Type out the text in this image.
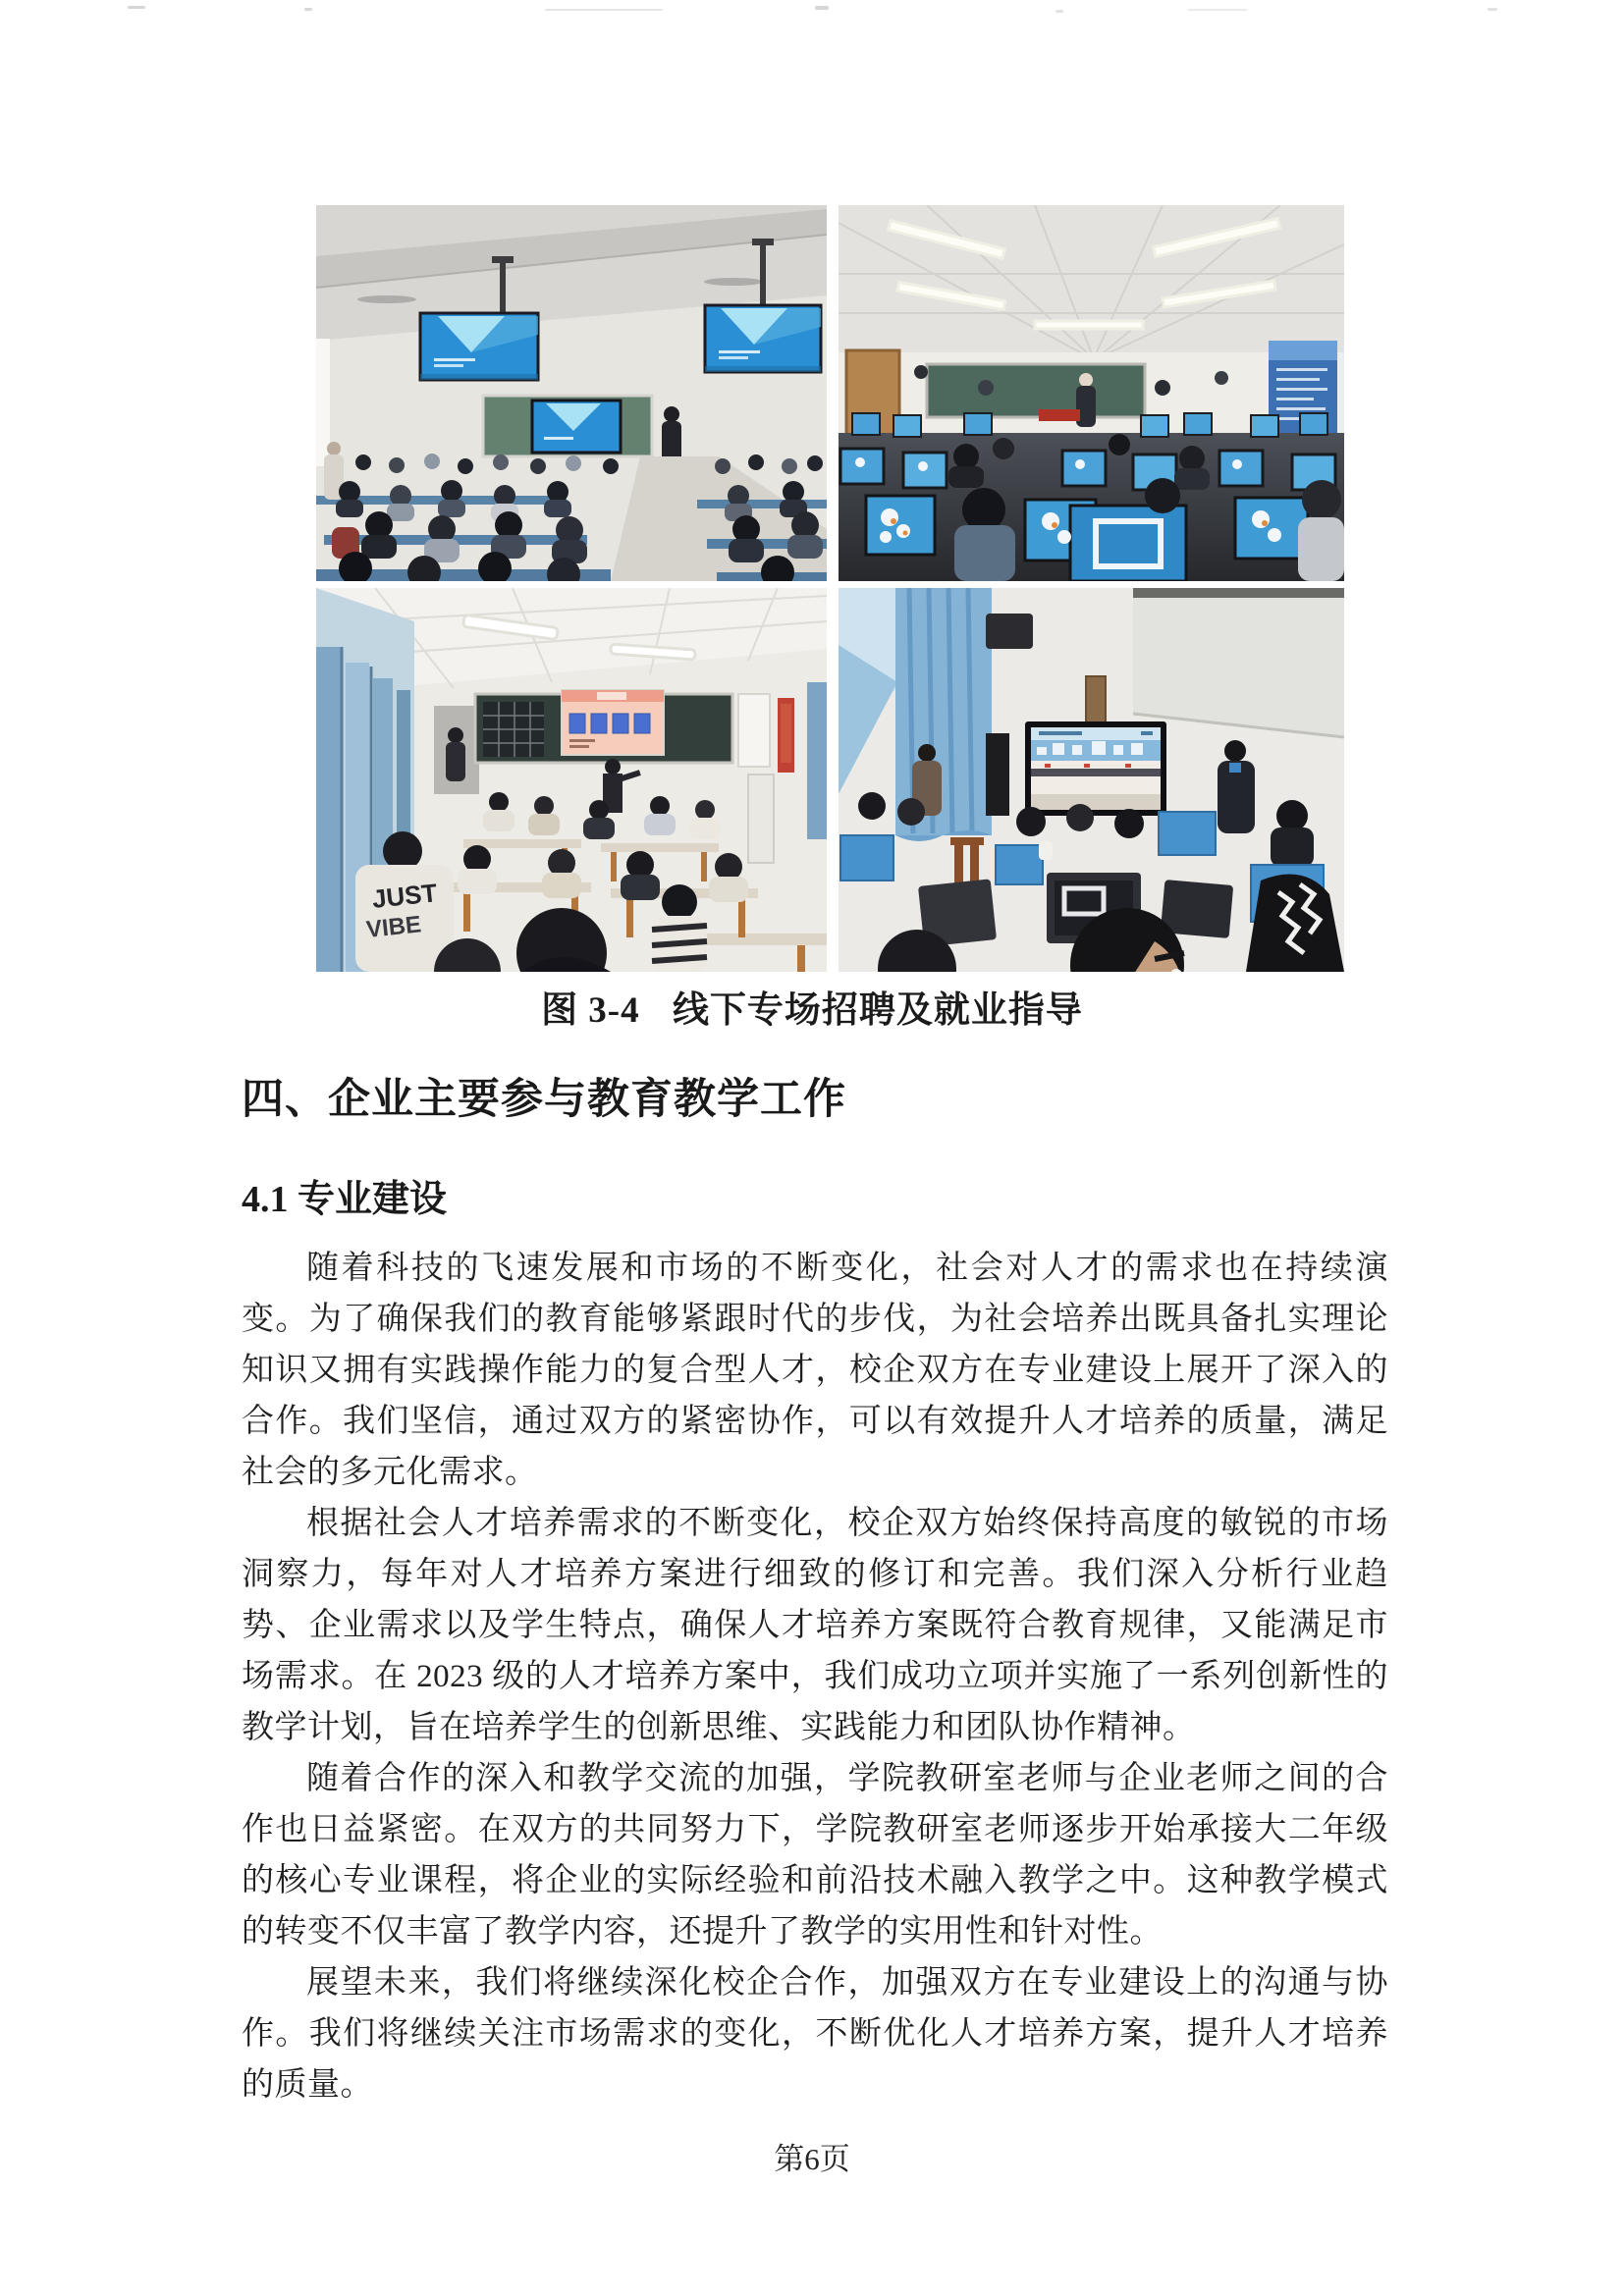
JUST
VIBE
图 3-4 线下专场招聘及就业指导
四、企业主要参与教育教学工作
4.1 专业建设

随着科技的飞速发展和市场的不断变化，社会对人才的需求也在持续演变。为了确保我们的教育能够紧跟时代的步伐，为社会培养出既具备扎实理论知识又拥有实践操作能力的复合型人才，校企双方在专业建设上展开了深入的合作。我们坚信，通过双方的紧密协作，可以有效提升人才培养的质量，满足社会的多元化需求。

根据社会人才培养需求的不断变化，校企双方始终保持高度的敏锐的市场洞察力，每年对人才培养方案进行细致的修订和完善。我们深入分析行业趋势、企业需求以及学生特点，确保人才培养方案既符合教育规律，又能满足市场需求。在 2023 级的人才培养方案中，我们成功立项并实施了一系列创新性的教学计划，旨在培养学生的创新思维、实践能力和团队协作精神。

随着合作的深入和教学交流的加强，学院教研室老师与企业老师之间的合作也日益紧密。在双方的共同努力下，学院教研室老师逐步开始承接大二年级的核心专业课程，将企业的实际经验和前沿技术融入教学之中。这种教学模式的转变不仅丰富了教学内容，还提升了教学的实用性和针对性。

展望未来，我们将继续深化校企合作，加强双方在专业建设上的沟通与协作。我们将继续关注市场需求的变化，不断优化人才培养方案，提升人才培养的质量。

第6页
